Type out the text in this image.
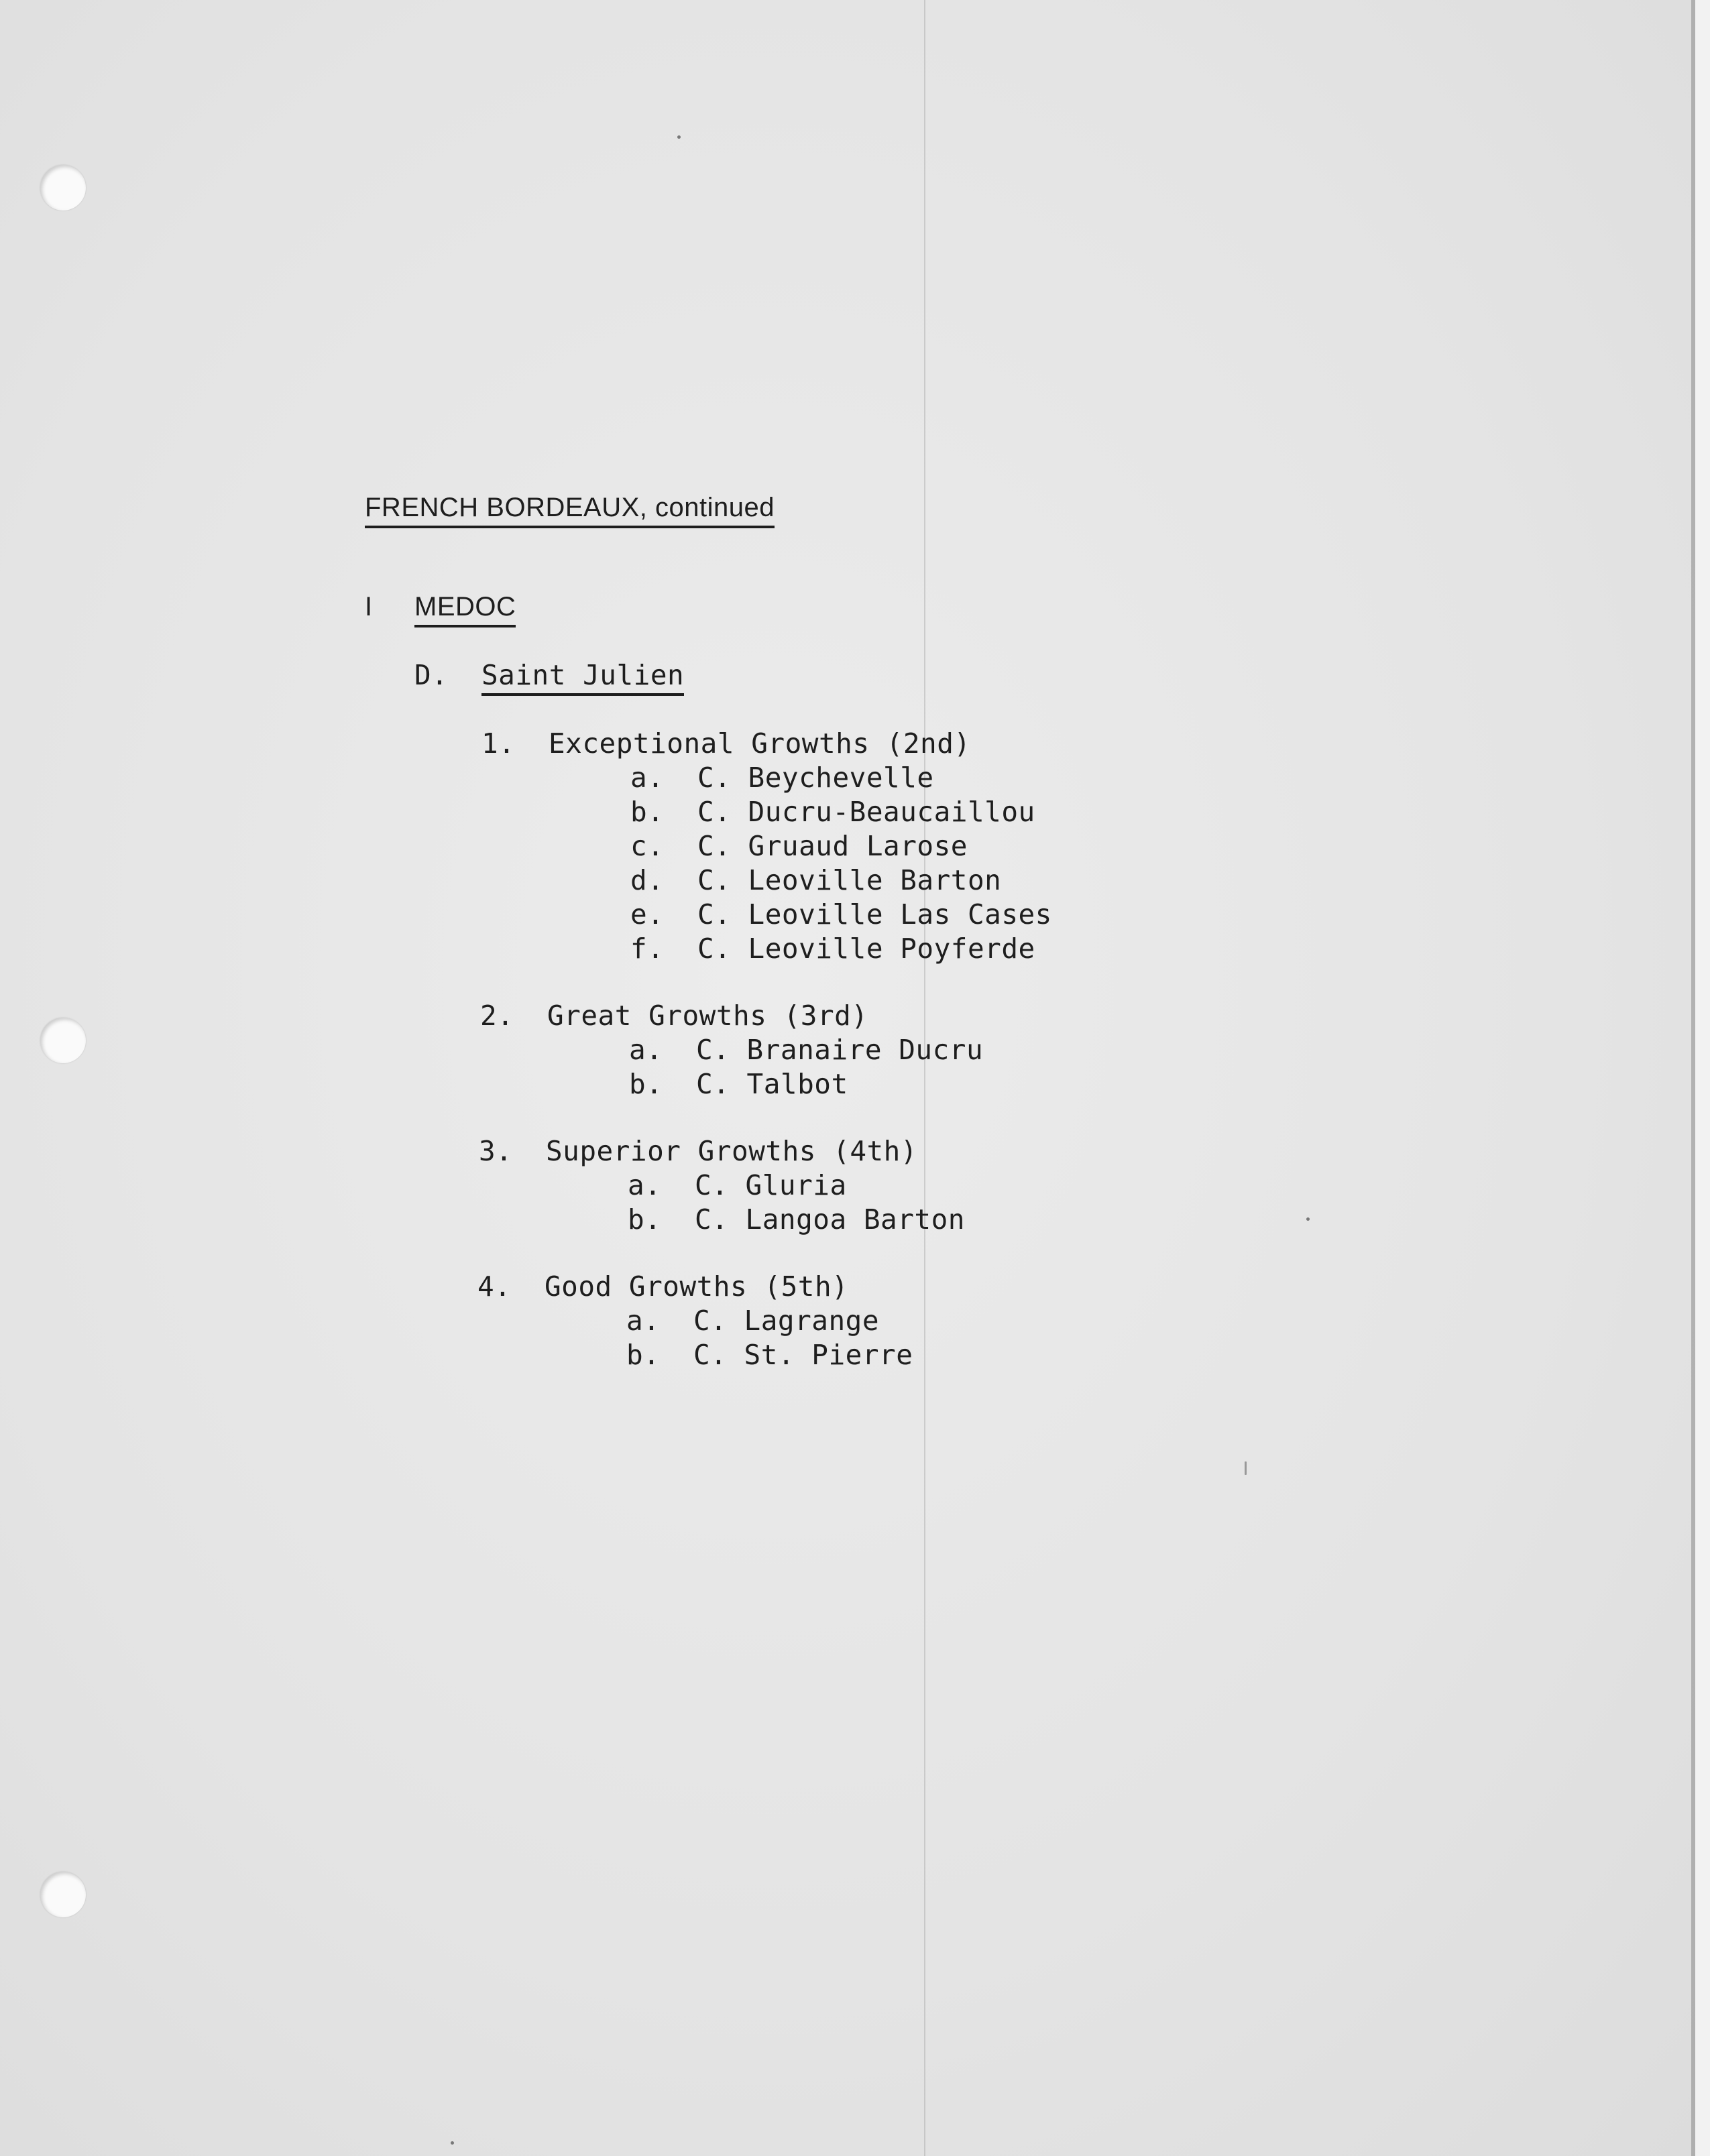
FRENCH BORDEAUX, continued
I MEDOC
D. Saint Julien
1. Exceptional Growths (2nd)
a. C. Beychevelle
b. C. Ducru-Beaucaillou
c. C. Gruaud Larose
d. C. Leoville Barton
e. C. Leoville Las Cases
f. C. Leoville Poyferde
2. Great Growths (3rd)
a. C. Branaire Ducru
b. C. Talbot
3. Superior Growths (4th)
a. C. Gluria
b. C. Langoa Barton
4. Good Growths (5th)
a. C. Lagrange
b. C. St. Pierre
